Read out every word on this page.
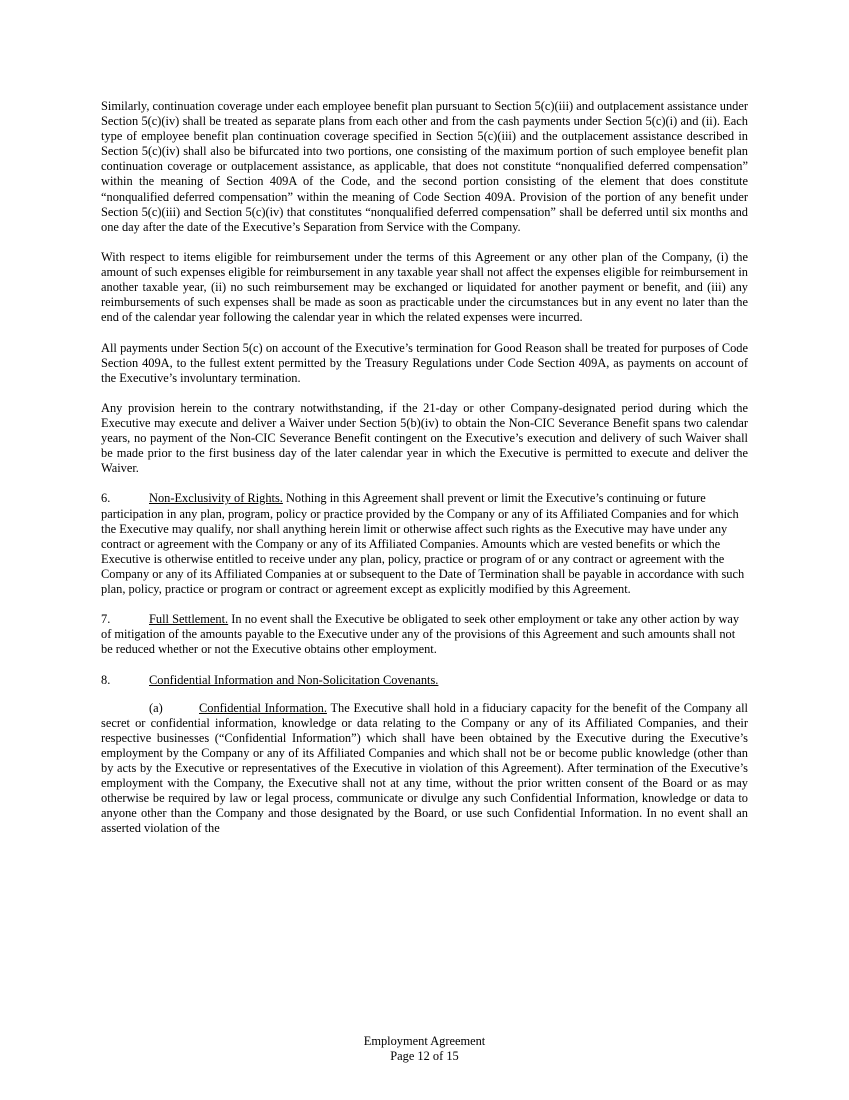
Similarly, continuation coverage under each employee benefit plan pursuant to Section 5(c)(iii) and outplacement assistance under Section 5(c)(iv) shall be treated as separate plans from each other and from the cash payments under Section 5(c)(i) and (ii). Each type of employee benefit plan continuation coverage specified in Section 5(c)(iii) and the outplacement assistance described in Section 5(c)(iv) shall also be bifurcated into two portions, one consisting of the maximum portion of such employee benefit plan continuation coverage or outplacement assistance, as applicable, that does not constitute “nonqualified deferred compensation” within the meaning of Section 409A of the Code, and the second portion consisting of the element that does constitute “nonqualified deferred compensation” within the meaning of Code Section 409A. Provision of the portion of any benefit under Section 5(c)(iii) and Section 5(c)(iv) that constitutes “nonqualified deferred compensation” shall be deferred until six months and one day after the date of the Executive’s Separation from Service with the Company.

With respect to items eligible for reimbursement under the terms of this Agreement or any other plan of the Company, (i) the amount of such expenses eligible for reimbursement in any taxable year shall not affect the expenses eligible for reimbursement in another taxable year, (ii) no such reimbursement may be exchanged or liquidated for another payment or benefit, and (iii) any reimbursements of such expenses shall be made as soon as practicable under the circumstances but in any event no later than the end of the calendar year following the calendar year in which the related expenses were incurred.

All payments under Section 5(c) on account of the Executive’s termination for Good Reason shall be treated for purposes of Code Section 409A, to the fullest extent permitted by the Treasury Regulations under Code Section 409A, as payments on account of the Executive’s involuntary termination.

Any provision herein to the contrary notwithstanding, if the 21-day or other Company-designated period during which the Executive may execute and deliver a Waiver under Section 5(b)(iv) to obtain the Non-CIC Severance Benefit spans two calendar years, no payment of the Non-CIC Severance Benefit contingent on the Executive’s execution and delivery of such Waiver shall be made prior to the first business day of the later calendar year in which the Executive is permitted to execute and deliver the Waiver.

6.	Non-Exclusivity of Rights. Nothing in this Agreement shall prevent or limit the Executive’s continuing or future participation in any plan, program, policy or practice provided by the Company or any of its Affiliated Companies and for which the Executive may qualify, nor shall anything herein limit or otherwise affect such rights as the Executive may have under any contract or agreement with the Company or any of its Affiliated Companies. Amounts which are vested benefits or which the Executive is otherwise entitled to receive under any plan, policy, practice or program of or any contract or agreement with the Company or any of its Affiliated Companies at or subsequent to the Date of Termination shall be payable in accordance with such plan, policy, practice or program or contract or agreement except as explicitly modified by this Agreement.

7.	Full Settlement. In no event shall the Executive be obligated to seek other employment or take any other action by way of mitigation of the amounts payable to the Executive under any of the provisions of this Agreement and such amounts shall not be reduced whether or not the Executive obtains other employment.

8.	Confidential Information and Non-Solicitation Covenants.

(a)	Confidential Information. The Executive shall hold in a fiduciary capacity for the benefit of the Company all secret or confidential information, knowledge or data relating to the Company or any of its Affiliated Companies, and their respective businesses (“Confidential Information”) which shall have been obtained by the Executive during the Executive’s employment by the Company or any of its Affiliated Companies and which shall not be or become public knowledge (other than by acts by the Executive or representatives of the Executive in violation of this Agreement). After termination of the Executive’s employment with the Company, the Executive shall not at any time, without the prior written consent of the Board or as may otherwise be required by law or legal process, communicate or divulge any such Confidential Information, knowledge or data to anyone other than the Company and those designated by the Board, or use such Confidential Information. In no event shall an asserted violation of the

Employment Agreement
Page 12 of 15
